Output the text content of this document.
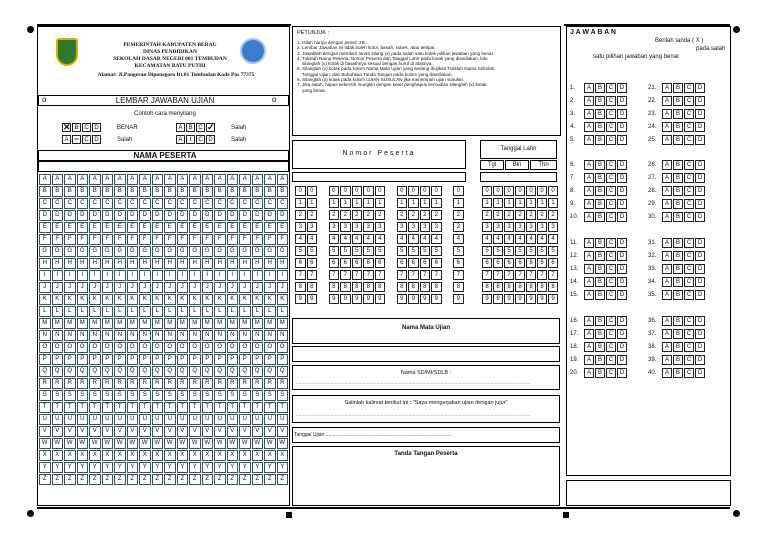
PEMERINTAH KABUPATEN BERAU
DINAS PENDIDIKAN
SEKOLAH DASAR NEGERI 001 TEMBUDAN
KECAMATAN BATU PUTIH
Alamat: Jl.Pangeran Diponegoro Rt.01 Tembudan Kode Pos 77375
o	o
LEMBAR JAWABAN UJIAN
Contoh cara menyilang
✕ B C D	BENAR	A B C ✓	Salah
A ═ C D	Salah	A	/	C D	Salah
NAMA PESERTA
A	A	A	A	A	A	A	A	A	A	A	A	A	A	A	A	A	A	A	A
B	B	B	B	B	B	B	B	B	B	B	B	B	B	B	B	B	B	B	B
C	C	C	C	C	C	C	C	C	C	C	C	C	C	C	C	C	C	C	C
D	D	D	D	D	D	D	D	D	D	D	D	D	D	D	D	D	D	D	D
E	E	E	E	E	E	E	E	E	E	E	E	E	E	E	E	E	E	E	E
F	F	F	F	F	F	F	F	F	F	F	F	F	F	F	F	F	F	F	F
G	G	G	G	G	G	G	G	G	G	G	G	G	G	G	G	G	G	G	G
H	H	H	H	H	H	H	H	H	H	H	H	H	H	H	H	H	H	H	H
I	I	I	I	I	I	I	I	I	I	I	I	I	I	I	I	I	I	I	I
J	J	J	J	J	J	J	J	J	J	J	J	J	J	J	J	J	J	J	J
K	K	K	K	K	K	K	K	K	K	K	K	K	K	K	K	K	K	K	K
L	L	L	L	L	L	L	L	L	L	L	L	L	L	L	L	L	L	L	L
M	M	M	M	M	M	M	M	M	M	M	M	M	M	M	M	M	M	M	M
N	N	N	N	N	N	N	N	N	N	N	N	N	N	N	N	N	N	N	N
O	O	O	O	O	O	O	O	O	O	O	O	O	O	O	O	O	O	O	O
P	P	P	P	P	P	P	P	P	P	P	P	P	P	P	P	P	P	P	P
Q	Q	Q	Q	Q	Q	Q	Q	Q	Q	Q	Q	Q	Q	Q	Q	Q	Q	Q	Q
R	R	R	R	R	R	R	R	R	R	R	R	R	R	R	R	R	R	R	R
S	S	S	S	S	S	S	S	S	S	S	S	S	S	S	S	S	S	S	S
T	T	T	T	T	T	T	T	T	T	T	T	T	T	T	T	T	T	T	T
U	U	U	U	U	U	U	U	U	U	U	U	U	U	U	U	U	U	U	U
V	V	V	V	V	V	V	V	V	V	V	V	V	V	V	V	V	V	V	V
W	W	W	W	W	W	W	W	W	W	W	W	W	W	W	W	W	W	W	W
X	X	X	X	X	X	X	X	X	X	X	X	X	X	X	X	X	X	X	X
Y	Y	Y	Y	Y	Y	Y	Y	Y	Y	Y	Y	Y	Y	Y	Y	Y	Y	Y	Y
Z	Z	Z	Z	Z	Z	Z	Z	Z	Z	Z	Z	Z	Z	Z	Z	Z	Z	Z	Z
PETUNJUK :
1. Isilah hanya dengan pensil  2B.
2. Lembar Jawaban ini tidak boleh kotor, basah, sobek, atau terlipat.
3. Jawablah dengan memberi tanda silang (x) pada salah satu kotak pilihan jawaban yang benar.
4. Tulislah Nama Peserta, Nomor Peserta dan Tanggal Lahir pada kotak yang disediakan, lalu
silanglah (x) kotak di bawahnya sesuai dengan huruf di atasnya.
5. Silanglah (x) kotak pada kolom Nama Mata Ujian yang sedang diujikan Tulislah Nama Sekolah,
Tanggal Ujian, dan Bubuhkan Tanda Tangan pada kolom yang disediakan.
6. Silanglah (x) kotak pada kolom UJIAN SUSULAN jika menempuh ujian susulan.
7. Jika salah, hapus sebersih mungkin dengan karet penghapus kemudian silanglah (x) kotak
yang benar.
Nomor Peserta
Tanggal Lahir
Tgl	Bln	Thn
0	0	0	0	0	0	0	0	0	0	0	0
1	1	1	1	1	1	1	1	1	1	1	1
2	2	2	2	2	2	2	2	2	2	2	2
3	3	3	3	3	3	3	3	3	3	3	3
4	4	4	4	4	4	4	4	4	4	4	4
5	5	5	5	5	5	5	5	5	5	5	5
6	6	6	6	6	6	6	6	6	6	6	6
7	7	7	7	7	7	7	7	7	7	7	7
8	8	8	8	8	8	8	8	8	8	8	8
9	9	9	9	9	9	9	9	9	9	9	9
0	0	0	0	0	0	0
1	1	1	1	1	1	1
2	2	2	2	2	2	2
3	3	3	3	3	3	3
4	4	4	4	4	4	4
5	5	5	5	5	5	5
6	6	6	6	6	6	6
7	7	7	7	7	7	7
8	8	8	8	8	8	8
9	9	9	9	9	9	9
Nama Mata Ujian
Nama SD/MI/SDLB :
.........................................................................................................................................................................
Salinlah kalimat berikut ini : "Saya mengerjakan ujian dengan jujur"
.........................................................................................................................................................................
Tanggal Ujian ...........................................................................................
Tanda Tangan Peserta
J A W A B A N
Berilah tanda ( X )
pada salah
satu pilihan jawaban yang benar
1.	A	B	C	D	21.	A	B	C	D
2.	A	B	C	D	22.	A	B	C	D
3.	A	B	C	D	23.	A	B	C	D
4.	A	B	C	D	24.	A	B	C	D
5.	A	B	C	D	25.	A	B	C	D
6.	A	B	C	D	26.	A	B	C	D
7.	A	B	C	D	27.	A	B	C	D
8.	A	B	C	D	28.	A	B	C	D
9.	A	B	C	D	29.	A	B	C	D
10.	A	B	C	D	30.	A	B	C	D
11.	A	B	C	D	31.	A	B	C	D
12.	A	B	C	D	32.	A	B	C	D
13.	A	B	C	D	33.	A	B	C	D
14.	A	B	C	D	34.	A	B	C	D
15.	A	B	C	D	35.	A	B	C	D
16.	A	B	C	D	36.	A	B	C	D
17.	A	B	C	D	37.	A	B	C	D
18.	A	B	C	D	38.	A	B	C	D
19.	A	B	C	D	39.	A	B	C	D
20.	A	B	C	D	40.	A	B	C	D
